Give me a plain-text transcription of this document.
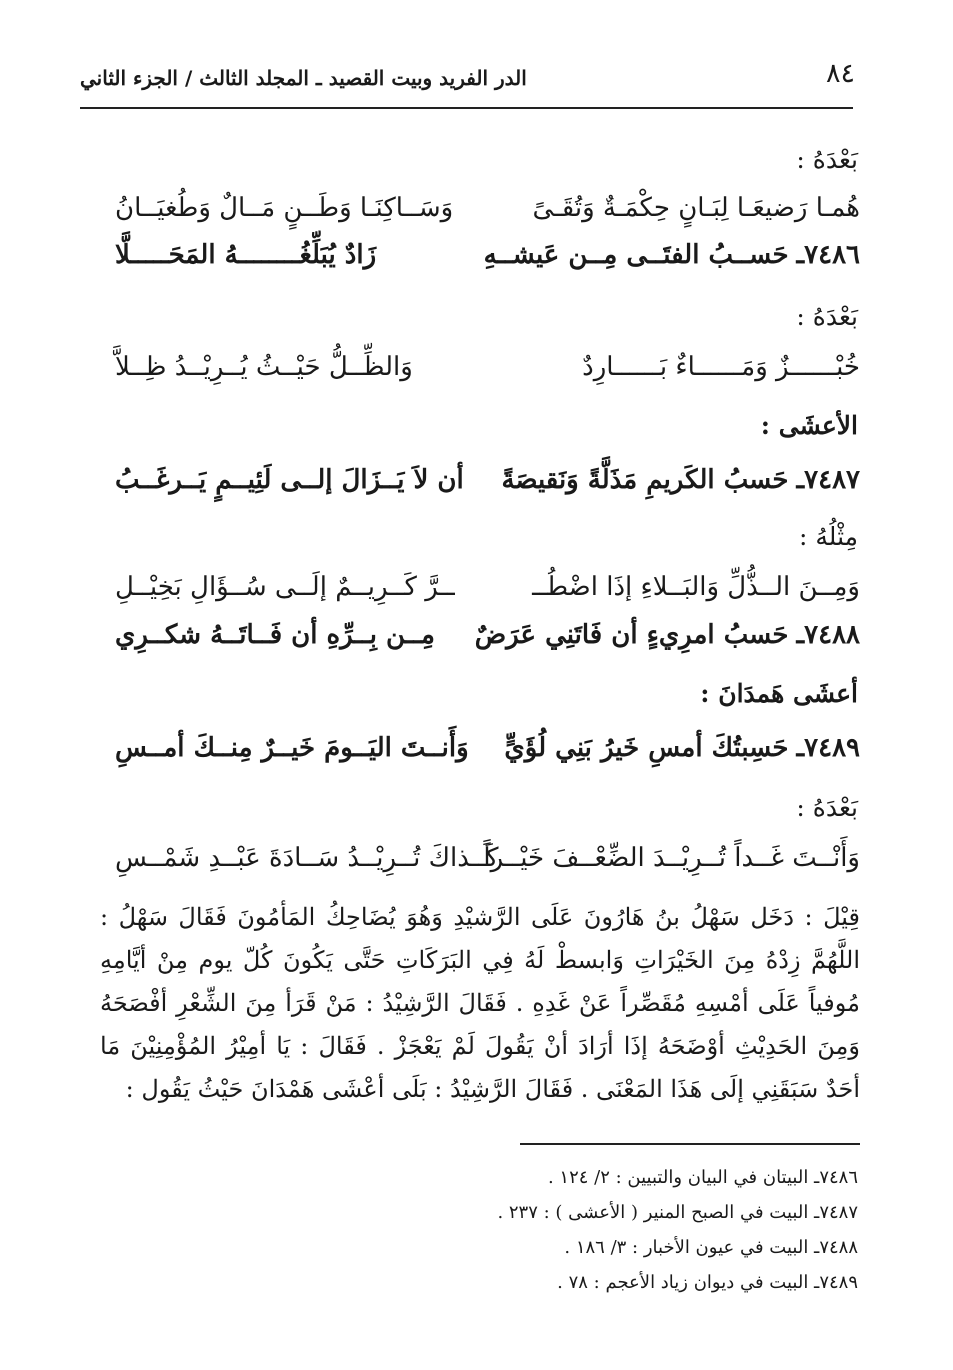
٨٤
الدر الفريد وبيت القصيد ـ المجلد الثالث / الجزء الثاني
بَعْدَهُ :
هُمـا رَضيعَـا لِبَـانٍ حِكْمَـةٌ وَتُقَـىً
وَسَــاكِنَـا وَطَــنٍ مَــالٌ وَطُغيَــانُ
٧٤٨٦ـحَســبُ الفتَــى مِــن عَيشــهِ
زَادٌ يُبَلِّغُــــــــهُ المَحَـــــلَّا
بَعْدَهُ :
خُبْــــــزٌ وَمَــــــاءٌ بَــــــارِدٌ
وَالظِّــلُّ حَيْــثُ يُــرِيْــدُ ظِــلاَّ
الأعشَى :
٧٤٨٧ـحَسبُ الكَريمِ مَذَلَّةً وَنَقيصَةً
أن لاَ يَــزَالَ إلــى لَئِيــمٍ يَــرغَــبُ
مِثْلُهُ :
وَمِــنَ الــذُّلِّ وَالبَــلاءِ إذَا اضْطُــ
ــرَّ كَــرِيــمٌ إلَــى سُــؤَالِ بَخِيْــلِ
٧٤٨٨ـحَسبُ امرِيءٍ أن فَاتَنِي عَرَضٌ
مِــن بِــرِّهِ أن فَــاتَــهُ شكــرِي
أعشَى هَمدَانَ :
٧٤٨٩ـحَسِبتُكَ أمسِ خَيرُ بَنِي لُؤَيٍّ
وَأَنــتَ اليَــومَ خَيــرٌ مِنــكَ أمــسِ
بَعْدَهُ :
وَأَنْــتَ غَــداً تُــرِيْــدَ الضِّعْــفَ خَيْــراً
كَــذاكَ تُــرِيْــدُ سَــادَةَ عَبْــدِ شَمْــسِ
قِيْلَ : دَخَل سَهْلُ بنُ هَارُونَ عَلَى الرَّشيْدِ وَهُوَ يُضَاحِكُ المَأمُونَ فَقَالَ سَهْلُ : اللَّهُمَّ زِدْهُ مِنَ الخَيْرَاتِ وَابسطْ لَهُ فِي البَرَكَاتِ حَتَّى يَكُونَ كُلّ يوم مِنْ أيَّامِهِ مُوفياً عَلَى أمْسِهِ مُقَصِّراً عَنْ غَدِهِ . فَقَالَ الرَّشِيْدُ : مَنْ قَرَأ مِنَ الشِّعْرِ أفْصَحَهُ وَمِنَ الحَدِيْثِ أوْضَحَهُ إذَا أرَادَ أنْ يَقُولَ لَمْ يَعْجَزْ . فَقَالَ : يَا أمِيْرُ المُؤْمِنِيْنَ مَا أحَدٌ سَبَقَنِي إلَى هَذَا المَعْنَى . فَقَالَ الرَّشِيْدُ : بَلَى أعْشَى هَمْدَانَ حَيْثُ يَقُول :
٧٤٨٦ـ البيتان في البيان والتبيين : ٢/ ١٢٤ .
٧٤٨٧ـ البيت في الصبح المنير ( الأعشى ) : ٢٣٧ .
٧٤٨٨ـ البيت في عيون الأخبار : ٣/ ١٨٦ .
٧٤٨٩ـ البيت في ديوان زياد الأعجم : ٧٨ .
